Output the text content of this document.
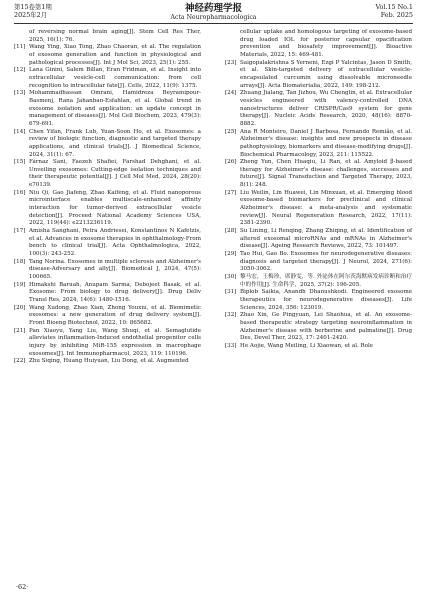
第15卷第1期
2025年2月
神经药理学报
Acta Neuropharmacologica
Vol.15 No.1
Feb. 2025
of reversing normal brain aging[J]. Stem Cell Res Ther, 2025, 16(1): 76.
[11] Wang Ying, Xiao Tong, Zhao Chaoran, et al. The regulation of exosome generation and function in physiological and pathological processes[J]. Int J Mol Sci, 2023, 25(1): 255.
[12] Lana Ginini, Salem Billan, Eran Fridman, et al. Insight into extracellular vesicle-cell communication: from cell recognition to intracellular fate[J]. Cells, 2022, 11(9): 1375.
[13] Mohammadhassan Omrani, Hamidreza Beyramipour-Basmenj, Rana Jahanban-Esfahlan, et al. Global trend in exosome isolation and application: an update concept in management of diseases[J]. Mol Cell Biochem, 2023, 479(3): 679-691.
[14] Chen Yifan, Frank Lub, Yuan-Soon Ho, et al. Exosomes: a review of biologic function, diagnostic and targeted therapy applications, and clinical trials[J]. J Biomedical Science, 2024, 31(1): 67.
[15] Farnaz Sani, Faezeh Shafiei, Farshad Dehghani, et al. Unveiling exosomes: Cutting-edge isolation techniques and their therapeutic potential[J]. J Cell Mol Med, 2024, 28(20): e70139.
[16] Niu Qi, Gao Jiafeng, Zhao Kaifeng, et al. Fluid nanoporous microinterface enables multiscale-enhanced affinity interaction for tumor-derived extracellular vesicle detection[J]. Proceed National Academy Sciences USA, 2022, 119(44): e2213236119.
[17] Amisha Sanghani, Petra Andriesei, Konstantinos N Kafetzis, et al. Advances in exosome therapies in ophthalmology-From bench to clinical trial[J]. Acta Ophthalmologica, 2022, 100(3): 243-252.
[18] Tang Norina. Exosomes in multiple sclerosis and Alzheimer's disease-Adversary and ally[J]. Biomedical J, 2024, 47(5): 100665.
[19] Himakshi Baruah, Anupam Sarma, Debojeet Basak, et al. Exosome: From biology to drug delivery[J]. Drug Deliv Transl Res, 2024, 14(6): 1480-1516.
[20] Wang Xudong, Zhao Xian, Zhong Youxiu, et al. Biomimetic exosomes: a new generation of drug delivery system[J]. Front Bioeng Biotechnol, 2022, 10: 865682.
[21] Pan Xiaoyu, Yang Liu, Wang Shuqi, et al. Semaglutide alleviates inflammation-Induced endothelial progenitor cells injury by inhibiting MiR-155 expression in macrophage exosomes[J]. Int Immunopharmacol, 2023, 119: 110196.
[22] Zhu Siqing, Huang Huiyuan, Liu Dong, et al. Augmented
cellular uptake and homologous targeting of exosome-based drug loaded IOL for posterior capsular opacification prevention and biosafety improvement[J]. Bioactive Materials, 2022, 15: 469-481.
[23] Saigopalakrishna S Yerneni, Ezgi P Yalcintas, Jason D Smith, et al. Skin-targeted delivery of extracellular vesicle-encapsulated curcumin using dissolvable microneedle arrays[J]. Acta Biomaterialia, 2022, 149: 198-212.
[24] Zhuang Jialang, Tan Jizhou, Wu Chenglin, et al. Extracellular vesicles engineered with valency-controlled DNA nanostructures deliver CRISPR/Cas9 system for gene therapy[J]. Nucleic Acids Research, 2020, 48(16): 8870-8882.
[25] Ana R Monteiro, Daniel J Barbosa, Fernando Remião, et al. Alzheimer's disease: insights and new prospects in disease pathophysiology, biomarkers and disease-modifying drugs[J]. Biochemical Pharmacology, 2023, 211: 115522.
[26] Zheng Yun, Chen Huaqiu, Li Ran, et al. Amyloid β-based therapy for Alzheimer's disease: challenges, successes and future[J]. Signal Transduction and Targeted Therapy, 2023, 8(1): 248.
[27] Liu Weilin, Lin Huawei, Lin Minxuan, et al. Emerging blood exosome-based biomarkers for preclinical and clinical Alzheimer's disease: a meta-analysis and systematic review[J]. Neural Regeneration Research, 2022, 17(11): 2381-2390.
[28] Su Lining, Li Renqing, Zhang Zhiqing, et al. Identification of altered exosomal microRNAs and mRNAs in Alzheimer's disease[J]. Ageing Research Reviews, 2022, 73: 101497.
[29] Tao Hui, Gao Bo. Exosomes for neurodegenerative diseases: diagnosis and targeted therapy[J]. J Neurol, 2024, 271(6): 3050-3062.
[30] 黎马宏，王梅珍，席静雯，等. 外泌体在阿尔茨海默病发病诊断和治疗中的作用[J]. 生命科学，2025, 37(2): 196-205.
[31] Biplob Saikia, Anandh Dhanushkodi. Engineered exosome therapeutics for neurodegenerative diseases[J]. Life Sciences, 2024, 356: 123019.
[32] Zhao Xin, Ge Pingyuan, Lei Shaohua, et al. An exosome-based therapeutic strategy targeting neuroinflammation in Alzheimer's disease with berberine and palmatine[J]. Drug Des, Devel Ther, 2023, 17: 2401-2420.
[33] He Aojie, Wang Meiling, Li Xiaowan, et al. Role
·62·
